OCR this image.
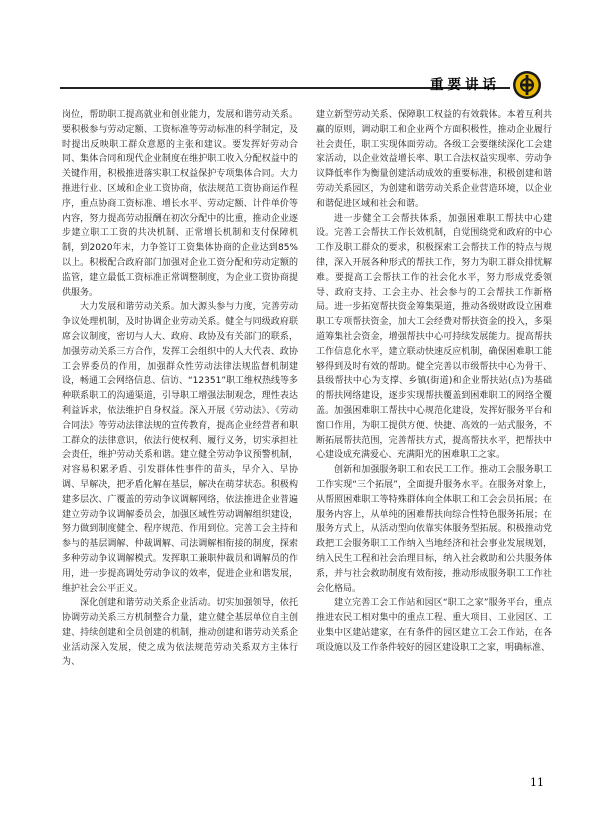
重要讲话

岗位，帮助职工提高就业和创业能力，发展和谐劳动关系。要积极参与劳动定额、工资标准等劳动标准的科学制定，及时提出反映职工群众意愿的主张和建议。要发挥好劳动合同、集体合同和现代企业制度在维护职工收入分配权益中的关键作用，积极推进落实职工权益保护专项集体合同。大力推进行业、区域和企业工资协商，依法规范工资协商运作程序，重点协商工资标准、增长水平、劳动定额、计件单价等内容，努力提高劳动报酬在初次分配中的比重，推动企业逐步建立职工工资的共决机制、正常增长机制和支付保障机制，到2020年末，力争签订工资集体协商的企业达到85%以上。积极配合政府部门加强对企业工资分配和劳动定额的监管，建立最低工资标准正常调整制度，为企业工资协商提供服务。

大力发展和谐劳动关系。加大源头参与力度，完善劳动争议处理机制，及时协调企业劳动关系。健全与同级政府联席会议制度，密切与人大、政府、政协及有关部门的联系，加强劳动关系三方合作，发挥工会组织中的人大代表、政协工会界委员的作用，加强群众性劳动法律法规监督机制建设，畅通工会网络信息、信访、“12351”职工维权热线等多种联系职工的沟通渠道，引导职工增强法制观念，理性表达利益诉求，依法维护自身权益。深入开展《劳动法》、《劳动合同法》等劳动法律法规的宣传教育，提高企业经营者和职工群众的法律意识，依法行使权利、履行义务，切实承担社会责任，维护劳动关系和谐。建立健全劳动争议预警机制，对容易积累矛盾、引发群体性事件的苗头，早介入、早协调、早解决，把矛盾化解在基层，解决在萌芽状态。积极构建多层次、广覆盖的劳动争议调解网络，依法推进企业普遍建立劳动争议调解委员会，加强区域性劳动调解组织建设，努力做到制度健全、程序规范、作用到位。完善工会主持和参与的基层调解、仲裁调解、司法调解相衔接的制度，探索多种劳动争议调解模式。发挥职工兼职仲裁员和调解员的作用，进一步提高调处劳动争议的效率，促进企业和谐发展，维护社会公平正义。

深化创建和谐劳动关系企业活动。切实加强领导，依托协调劳动关系三方机制整合力量，建立健全基层单位自主创建、持续创建和全员创建的机制，推动创建和谐劳动关系企业活动深入发展，使之成为依法规范劳动关系双方主体行为、

建立新型劳动关系、保障职工权益的有效载体。本着互利共赢的原则，调动职工和企业两个方面积极性，推动企业履行社会责任，职工实现体面劳动。各级工会要继续深化工会建家活动，以企业效益增长率、职工合法权益实现率、劳动争议降低率作为衡量创建活动成效的重要标准，积极创建和谐劳动关系园区，为创建和谐劳动关系企业营造环境，以企业和谐促进区域和社会和谐。

进一步健全工会帮扶体系，加强困难职工帮扶中心建设。完善工会帮扶工作长效机制，自觉围绕党和政府的中心工作及职工群众的要求，积极探索工会帮扶工作的特点与规律，深入开展各种形式的帮扶工作，努力为职工群众排忧解难。要提高工会帮扶工作的社会化水平，努力形成党委领导、政府支持、工会主办、社会参与的工会帮扶工作新格局。进一步拓宽帮扶资金筹集渠道，推动各级财政设立困难职工专项帮扶资金，加大工会经费对帮扶资金的投入，多渠道筹集社会资金，增强帮扶中心可持续发展能力。提高帮扶工作信息化水平，建立联动快速反应机制，确保困难职工能够得到及时有效的帮助。健全完善以市级帮扶中心为骨干、县级帮扶中心为支撑、乡镇(街道)和企业帮扶站(点)为基础的帮扶网络建设，逐步实现帮扶覆盖到困难职工的网络全覆盖。加强困难职工帮扶中心规范化建设，发挥好服务平台和窗口作用，为职工提供方便、快捷、高效的一站式服务，不断拓展帮扶范围，完善帮扶方式，提高帮扶水平，把帮扶中心建设成充满爱心、充满阳光的困难职工之家。

创新和加强服务职工和农民工工作。推动工会服务职工工作实现“三个拓展”，全面提升服务水平。在服务对象上，从帮照困难职工等特殊群体向全体职工和工会会员拓展；在服务内容上，从单纯的困难帮扶向综合性特色服务拓展；在服务方式上，从活动型向依靠实体服务型拓展。积极推动党政把工会服务职工工作纳入当地经济和社会事业发展规划，纳入民生工程和社会治理目标，纳入社会救助和公共服务体系，并与社会救助制度有效衔接，推动形成服务职工工作社会化格局。

建立完善工会工作站和园区“职工之家”服务平台，重点推进农民工相对集中的重点工程、重大项目、工业园区、工业集中区建站建家，在有条件的园区建立工会工作站，在各项设施以及工作条件较好的园区建设职工之家，明确标准、

11
